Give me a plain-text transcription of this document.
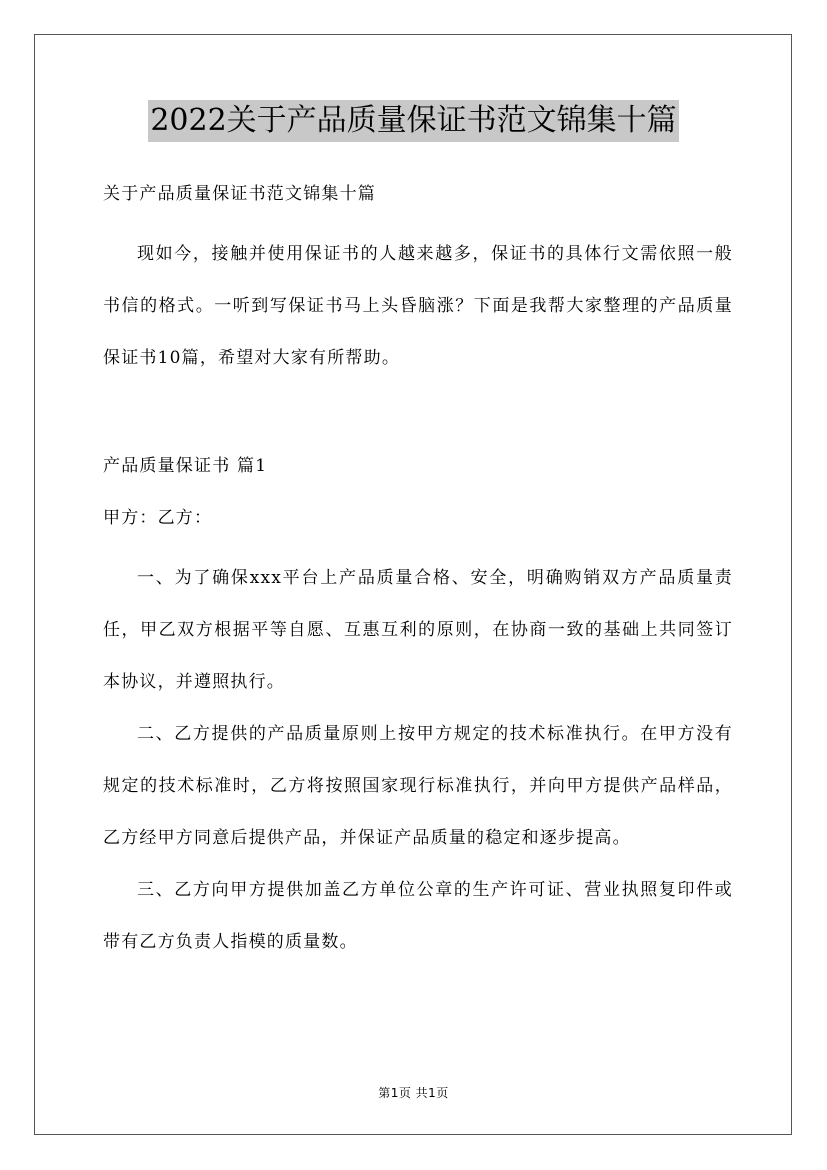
2022关于产品质量保证书范文锦集十篇

关于产品质量保证书范文锦集十篇

现如今，接触并使用保证书的人越来越多，保证书的具体行文需依照一般书信的格式。一听到写保证书马上头昏脑涨？下面是我帮大家整理的产品质量保证书10篇，希望对大家有所帮助。

产品质量保证书 篇1

甲方：乙方：

一、为了确保xxx平台上产品质量合格、安全，明确购销双方产品质量责任，甲乙双方根据平等自愿、互惠互利的原则，在协商一致的基础上共同签订本协议，并遵照执行。

二、乙方提供的产品质量原则上按甲方规定的技术标准执行。在甲方没有规定的技术标准时，乙方将按照国家现行标准执行，并向甲方提供产品样品，乙方经甲方同意后提供产品，并保证产品质量的稳定和逐步提高。

三、乙方向甲方提供加盖乙方单位公章的生产许可证、营业执照复印件或带有乙方负责人指模的质量数。

第1页 共1页
